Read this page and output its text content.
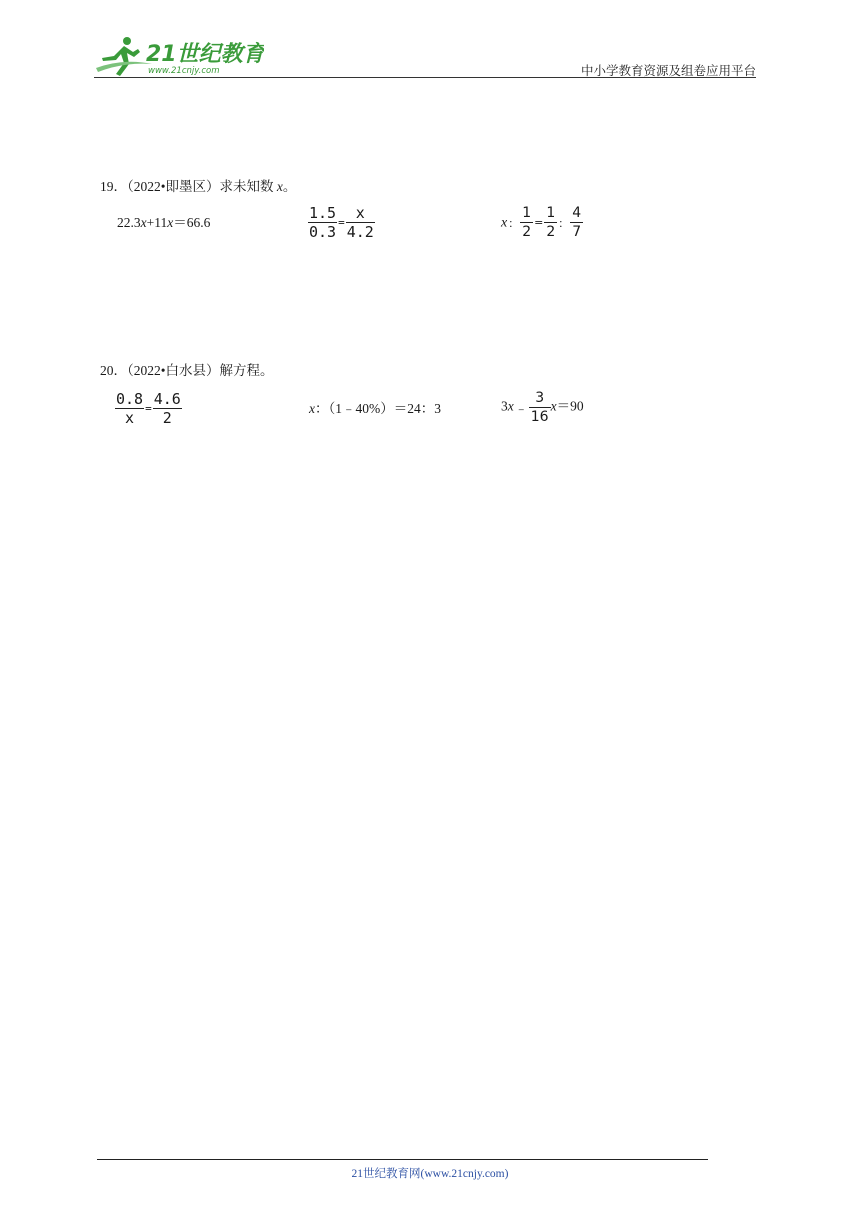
21世纪教育
www.21cnjy.com	中小学教育资源及组卷应用平台
19．（2022•即墨区）求未知数 x。
22.3x+11x＝66.6	$\frac{1.5}{0.3} = \frac{x}{4.2}$	x： $\frac{1}{2} = \frac{1}{2}$ ： $\frac{4}{7}$
20．（2022•白水县）解方程。
$\frac{0.8}{x} = \frac{4.6}{2}$	x：（1﹣40%）＝24：3	3x﹣ $\frac{3}{16} x=90$
21世纪教育网(www.21cnjy.com)
